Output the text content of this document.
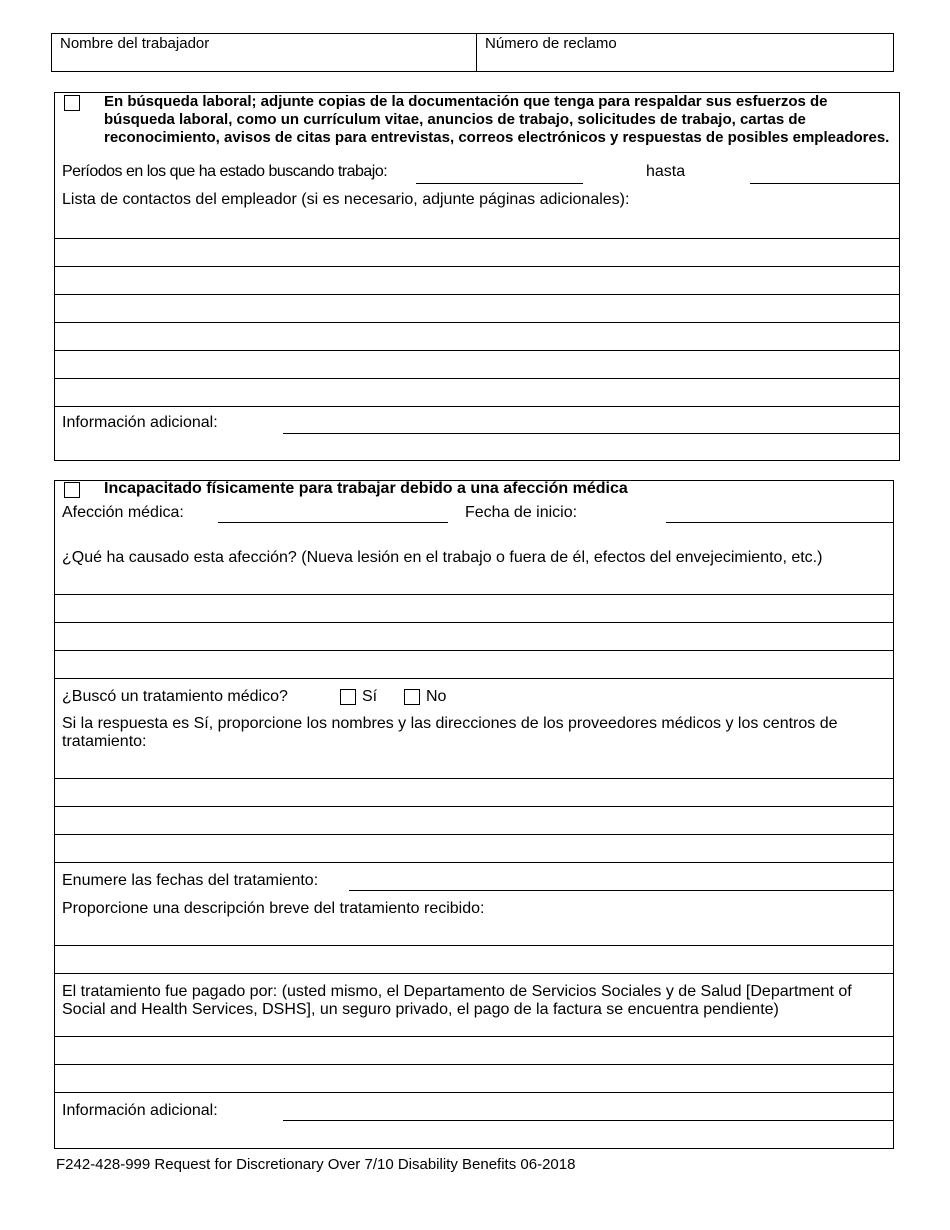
Nombre del trabajador	Número de reclamo
En búsqueda laboral; adjunte copias de la documentación que tenga para respaldar sus esfuerzos de búsqueda laboral, como un currículum vitae, anuncios de trabajo, solicitudes de trabajo, cartas de reconocimiento, avisos de citas para entrevistas, correos electrónicos y respuestas de posibles empleadores.
Períodos en los que ha estado buscando trabajo:	hasta
Lista de contactos del empleador (si es necesario, adjunte páginas adicionales):
Información adicional:
Incapacitado físicamente para trabajar debido a una afección médica
Afección médica:	Fecha de inicio:
¿Qué ha causado esta afección? (Nueva lesión en el trabajo o fuera de él, efectos del envejecimiento, etc.)
¿Buscó un tratamiento médico?	Sí	No
Si la respuesta es Sí, proporcione los nombres y las direcciones de los proveedores médicos y los centros de tratamiento:
Enumere las fechas del tratamiento:
Proporcione una descripción breve del tratamiento recibido:
El tratamiento fue pagado por: (usted mismo, el Departamento de Servicios Sociales y de Salud [Department of Social and Health Services, DSHS], un seguro privado, el pago de la factura se encuentra pendiente)
Información adicional:
F242-428-999 Request for Discretionary Over 7/10 Disability Benefits 06-2018
